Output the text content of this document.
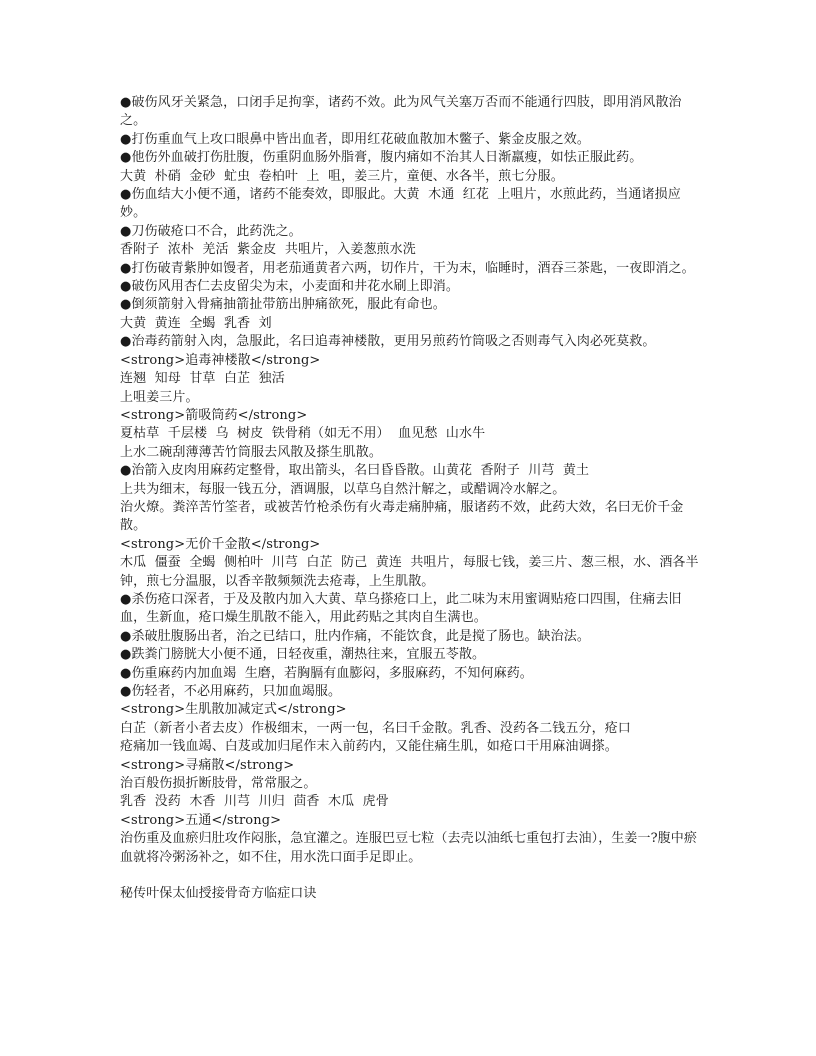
●破伤风牙关紧急，口闭手足拘挛，诸药不效。此为风气关塞万否而不能通行四肢，即用消风散治之。

●打伤重血气上攻口眼鼻中皆出血者，即用红花破血散加木鳖子、紫金皮服之效。

●他伤外血破打伤肚腹，伤重阴血肠外脂膏，腹内痛如不治其人日渐羸瘦，如怯正服此药。

大黄  朴硝  金砂  虻虫  卷柏叶  上  咀，姜三片，童便、水各半，煎七分服。

●伤血结大小便不通，诸药不能奏效，即服此。大黄  木通  红花  上咀片，水煎此药，当通诸损应妙。

●刀伤破疮口不合，此药洗之。

香附子  浓朴  羌活  紫金皮  共咀片，入姜葱煎水洗

●打伤破青紫肿如馒者，用老茄通黄者六两，切作片，干为末，临睡时，酒吞三茶匙，一夜即消之。

●破伤风用杏仁去皮留尖为末，小麦面和井花水刷上即消。

●倒须箭射入骨痛抽箭扯带筋出肿痛欲死，服此有命也。

大黄  黄连  全蝎  乳香  刘

●治毒药箭射入肉，急服此，名曰追毒神楼散，更用另煎药竹筒吸之否则毒气入肉必死莫救。

<strong>追毒神楼散</strong>

连翘  知母  甘草  白芷  独活

上咀姜三片。

<strong>箭吸筒药</strong>

夏枯草  千层楼  乌  树皮  铁骨稍（如无不用）  血见愁  山水牛

上水二碗刮薄薄苦竹筒服去风散及搽生肌散。

●治箭入皮肉用麻药定整骨，取出箭头，名曰昏昏散。山黄花  香附子  川芎  黄土

上共为细末，每服一钱五分，酒调服，以草乌自然汁解之，或醋调冷水解之。

治火燎。粪淬苦竹筌者，或被苦竹枪杀伤有火毒走痛肿痛，服诸药不效，此药大效，名曰无价千金散。

<strong>无价千金散</strong>

木瓜  僵蚕  全蝎  侧柏叶  川芎  白芷  防己  黄连  共咀片，每服七钱，姜三片、葱三根，水、酒各半钟，煎七分温服，以香辛散频频洗去疮毒，上生肌散。

●杀伤疮口深者，于及及散内加入大黄、草乌搽疮口上，此二味为末用蜜调贴疮口四围，住痛去旧血，生新血，疮口燥生肌散不能入，用此药贴之其肉自生满也。

●杀破肚腹肠出者，治之已结口，肚内作痛，不能饮食，此是搅了肠也。缺治法。

●跌粪门膀胱大小便不通，日轻夜重，潮热往来，宜服五苓散。

●伤重麻药内加血竭  生磨，若胸膈有血膨闷，多服麻药，不知何麻药。

●伤轻者，不必用麻药，只加血竭服。

<strong>生肌散加减定式</strong>

白芷（新者小者去皮）作极细末，一两一包，名曰千金散。乳香、没药各二钱五分，疮口

疮痛加一钱血竭、白芨或加归尾作末入前药内，又能住痛生肌，如疮口干用麻油调搽。

<strong>寻痛散</strong>

治百般伤损折断肢骨，常常服之。

乳香  没药  木香  川芎  川归  茴香  木瓜  虎骨

<strong>五通</strong>

治伤重及血瘀归肚攻作闷胀，急宜灌之。连服巴豆七粒（去壳以油纸七重包打去油），生姜一?腹中瘀血就将冷粥汤补之，如不住，用水洗口面手足即止。

秘传叶保太仙授接骨奇方临症口诀
